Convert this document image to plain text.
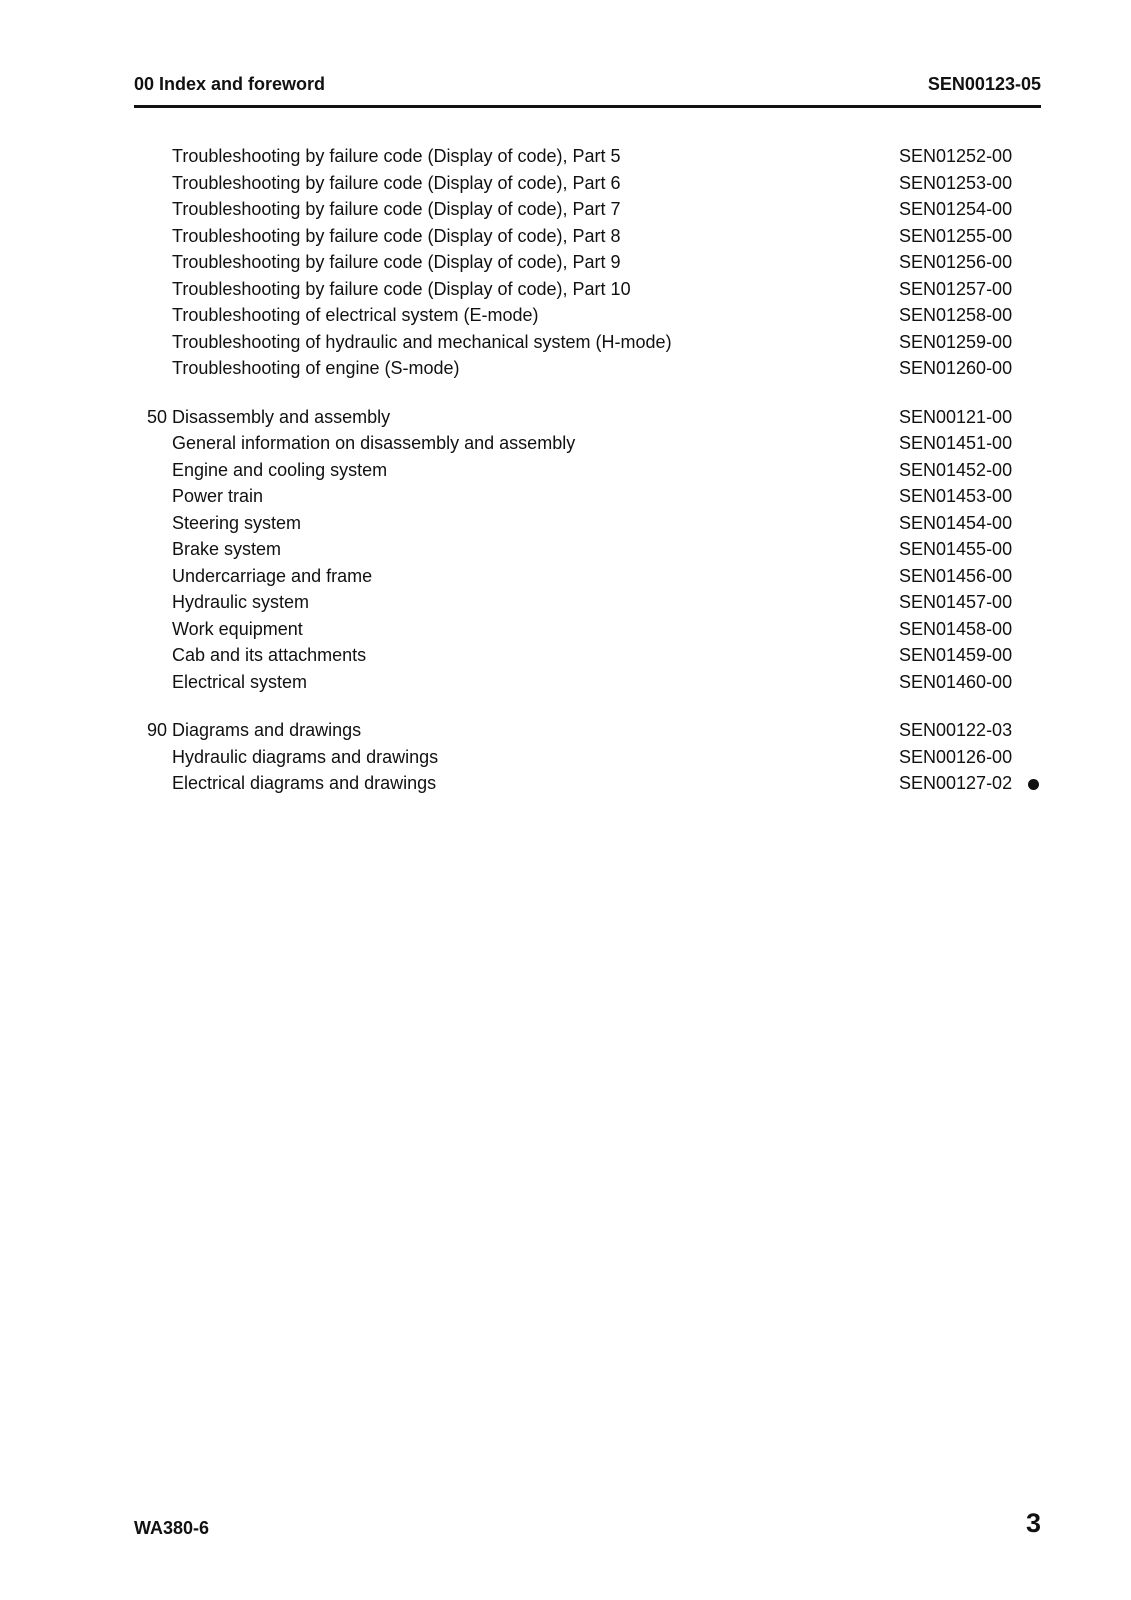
00 Index and foreword	SEN00123-05
Troubleshooting by failure code (Display of code), Part 5	SEN01252-00
Troubleshooting by failure code (Display of code), Part 6	SEN01253-00
Troubleshooting by failure code (Display of code), Part 7	SEN01254-00
Troubleshooting by failure code (Display of code), Part 8	SEN01255-00
Troubleshooting by failure code (Display of code), Part 9	SEN01256-00
Troubleshooting by failure code (Display of code), Part 10	SEN01257-00
Troubleshooting of electrical system (E-mode)	SEN01258-00
Troubleshooting of hydraulic and mechanical system (H-mode)	SEN01259-00
Troubleshooting of engine (S-mode)	SEN01260-00
50 Disassembly and assembly	SEN00121-00
General information on disassembly and assembly	SEN01451-00
Engine and cooling system	SEN01452-00
Power train	SEN01453-00
Steering system	SEN01454-00
Brake system	SEN01455-00
Undercarriage and frame	SEN01456-00
Hydraulic system	SEN01457-00
Work equipment	SEN01458-00
Cab and its attachments	SEN01459-00
Electrical system	SEN01460-00
90 Diagrams and drawings	SEN00122-03
Hydraulic diagrams and drawings	SEN00126-00
Electrical diagrams and drawings	SEN00127-02
WA380-6	3
